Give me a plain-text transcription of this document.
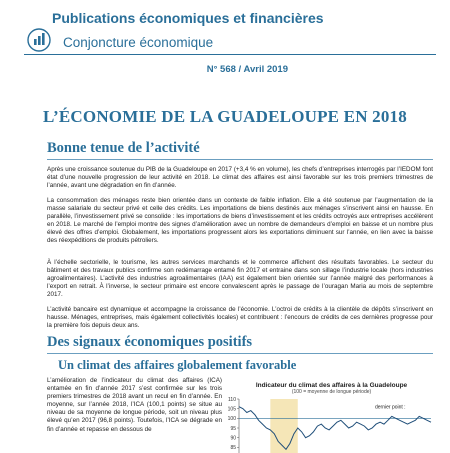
Publications économiques et financières
Conjoncture économique
N° 568 / Avril 2019
L’ÉCONOMIE DE LA GUADELOUPE EN 2018
Bonne tenue de l’activité

Après une croissance soutenue du PIB de la Guadeloupe en 2017 (+3,4 % en volume), les chefs d’entreprises interrogés par l’IEDOM font état d’une nouvelle progression de leur activité en 2018. Le climat des affaires est ainsi favorable sur les trois premiers trimestres de l’année, avant une dégradation en fin d’année.

La consommation des ménages reste bien orientée dans un contexte de faible inflation. Elle a été soutenue par l’augmentation de la masse salariale du secteur privé et celle des crédits. Les importations de biens destinés aux ménages s’inscrivent ainsi en hausse. En parallèle, l’investissement privé se consolide : les importations de biens d’investissement et les crédits octroyés aux entreprises accélèrent en 2018. Le marché de l’emploi montre des signes d’amélioration avec un nombre de demandeurs d’emploi en baisse et un nombre plus élevé des offres d’emploi. Globalement, les importations progressent alors les exportations diminuent sur l’année, en lien avec la baisse des réexpéditions de produits pétroliers.

À l’échelle sectorielle, le tourisme, les autres services marchands et le commerce affichent des résultats favorables. Le secteur du bâtiment et des travaux publics confirme son redémarrage entamé fin 2017 et entraine dans son sillage l’industrie locale (hors industries agroalimentaires). L’activité des industries agroalimentaires (IAA) est également bien orientée sur l’année malgré des performances à l’export en retrait. À l’inverse, le secteur primaire est encore convalescent après le passage de l’ouragan Maria au mois de septembre 2017.

L’activité bancaire est dynamique et accompagne la croissance de l’économie. L’octroi de crédits à la clientèle de dépôts s’inscrivent en hausse. Ménages, entreprises, mais également collectivités locales) et contribuent : l’encours de crédits de ces dernières progresse pour la première fois depuis deux ans.

Des signaux économiques positifs
Un climat des affaires globalement favorable

L’amélioration de l’indicateur du climat des affaires (ICA) entamée en fin d’année 2017 s’est confirmée sur les trois premiers trimestres de 2018 avant un recul en fin d’année. En moyenne, sur l’année 2018, l’ICA (100,1 points) se situe au niveau de sa moyenne de longue période, soit un niveau plus élevé qu’en 2017 (96,8 points). Toutefois, l’ICA se dégrade en fin d’année et repasse en dessous de

Indicateur du climat des affaires à la Guadeloupe
(100 = moyenne de longue période)
110
105
100
95
90
85
dernier point :
